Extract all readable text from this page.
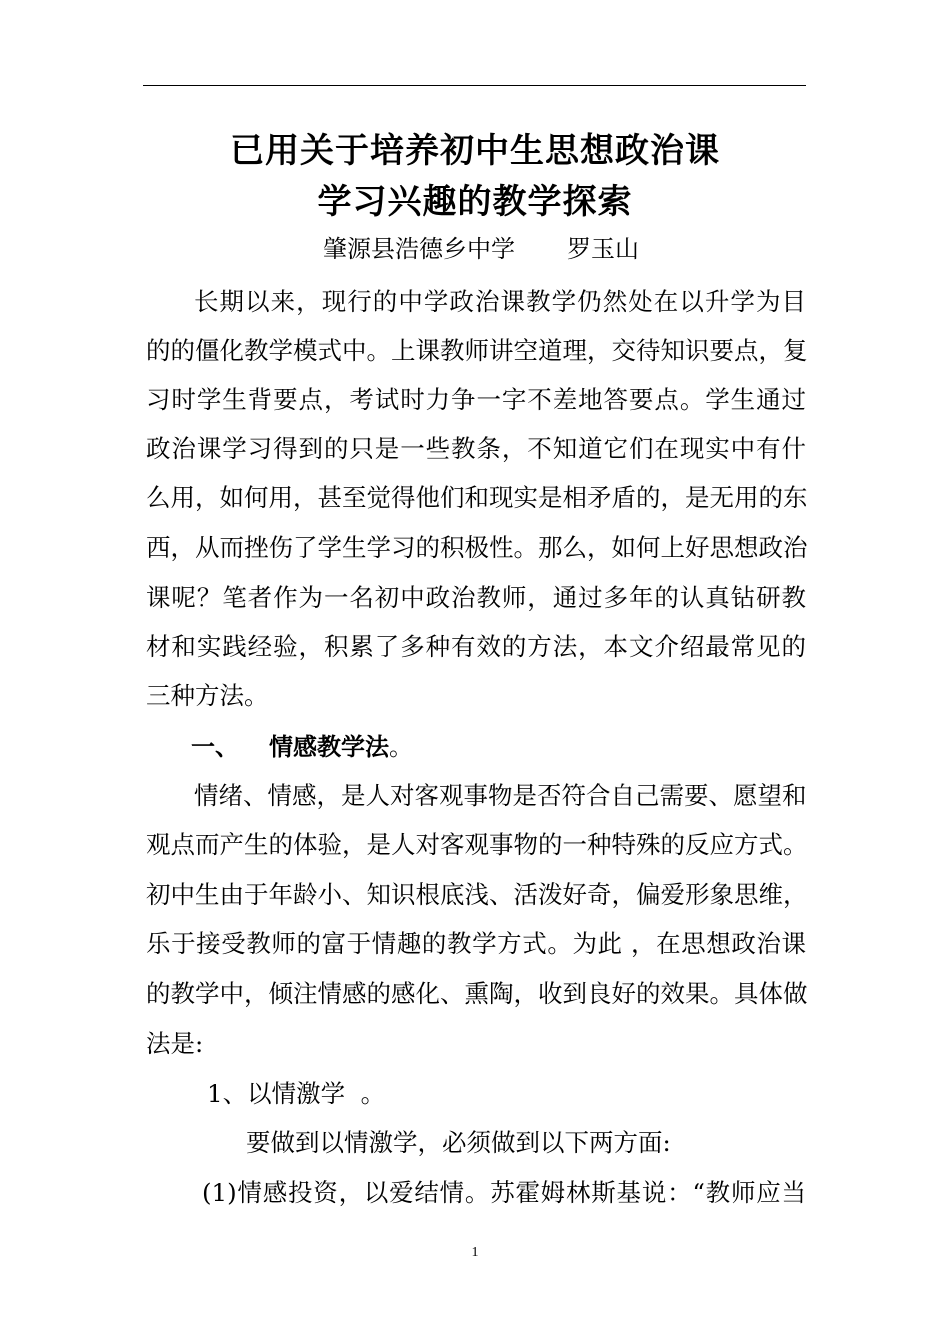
已用关于培养初中生思想政治课
学习兴趣的教学探索
肇源县浩德乡中学 罗玉山
长期以来，现行的中学政治课教学仍然处在以升学为目
的的僵化教学模式中。上课教师讲空道理，交待知识要点，复
习时学生背要点，考试时力争一字不差地答要点。学生通过
政治课学习得到的只是一些教条，不知道它们在现实中有什
么用，如何用，甚至觉得他们和现实是相矛盾的，是无用的东
西，从而挫伤了学生学习的积极性。那么，如何上好思想政治
课呢？笔者作为一名初中政治教师，通过多年的认真钻研教
材和实践经验，积累了多种有效的方法，本文介绍最常见的
三种方法。
一、 情感教学法。
情绪、情感，是人对客观事物是否符合自己需要、愿望和
观点而产生的体验，是人对客观事物的一种特殊的反应方式。
初中生由于年龄小、知识根底浅、活泼好奇，偏爱形象思维，
乐于接受教师的富于情趣的教学方式。为此 ，在思想政治课
的教学中，倾注情感的感化、熏陶，收到良好的效果。具体做
法是:
1、以情激学  。
要做到以情激学，必须做到以下两方面:
(1)情感投资，以爱结情。苏霍姆林斯基说：“教师应当
1
